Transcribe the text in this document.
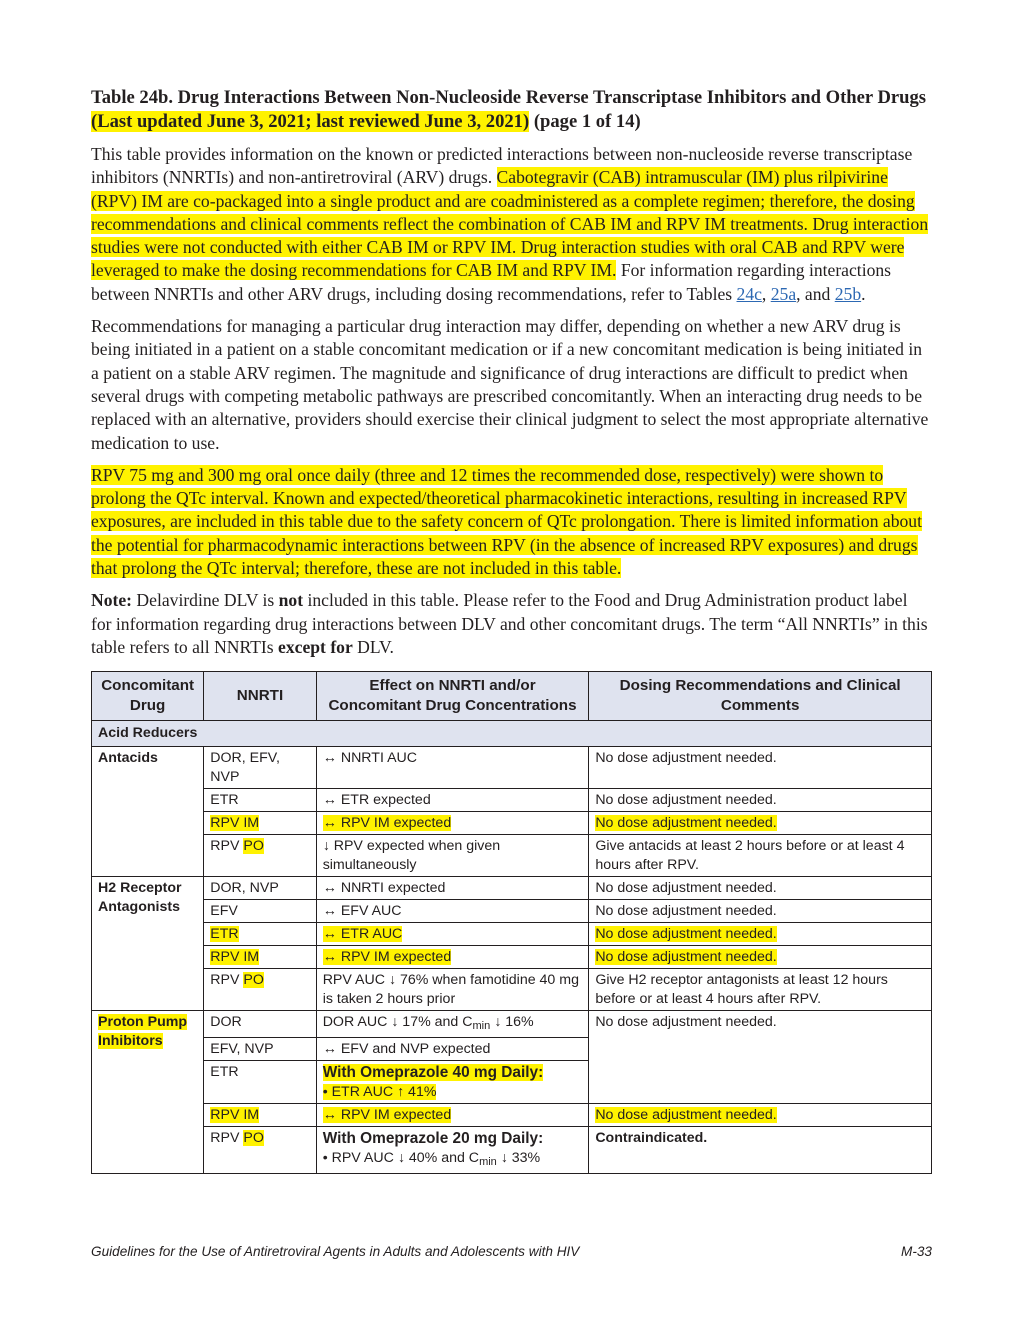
Table 24b. Drug Interactions Between Non-Nucleoside Reverse Transcriptase Inhibitors and Other Drugs (Last updated June 3, 2021; last reviewed June 3, 2021) (page 1 of 14)

This table provides information on the known or predicted interactions between non-nucleoside reverse transcriptase inhibitors (NNRTIs) and non-antiretroviral (ARV) drugs. Cabotegravir (CAB) intramuscular (IM) plus rilpivirine (RPV) IM are co-packaged into a single product and are coadministered as a complete regimen; therefore, the dosing recommendations and clinical comments reflect the combination of CAB IM and RPV IM treatments. Drug interaction studies were not conducted with either CAB IM or RPV IM. Drug interaction studies with oral CAB and RPV were leveraged to make the dosing recommendations for CAB IM and RPV IM. For information regarding interactions between NNRTIs and other ARV drugs, including dosing recommendations, refer to Tables 24c, 25a, and 25b.

Recommendations for managing a particular drug interaction may differ, depending on whether a new ARV drug is being initiated in a patient on a stable concomitant medication or if a new concomitant medication is being initiated in a patient on a stable ARV regimen. The magnitude and significance of drug interactions are difficult to predict when several drugs with competing metabolic pathways are prescribed concomitantly. When an interacting drug needs to be replaced with an alternative, providers should exercise their clinical judgment to select the most appropriate alternative medication to use.

RPV 75 mg and 300 mg oral once daily (three and 12 times the recommended dose, respectively) were shown to prolong the QTc interval. Known and expected/theoretical pharmacokinetic interactions, resulting in increased RPV exposures, are included in this table due to the safety concern of QTc prolongation. There is limited information about the potential for pharmacodynamic interactions between RPV (in the absence of increased RPV exposures) and drugs that prolong the QTc interval; therefore, these are not included in this table.

Note: Delavirdine DLV is not included in this table. Please refer to the Food and Drug Administration product label for information regarding drug interactions between DLV and other concomitant drugs. The term “All NNRTIs” in this table refers to all NNRTIs except for DLV.

Concomitant Drug	NNRTI	Effect on NNRTI and/or Concomitant Drug Concentrations	Dosing Recommendations and Clinical Comments
Acid Reducers			
Antacids	DOR, EFV, NVP	↔ NNRTI AUC	No dose adjustment needed.
	ETR	↔ ETR expected	No dose adjustment needed.
	RPV IM	↔ RPV IM expected	No dose adjustment needed.
	RPV PO	↓ RPV expected when given simultaneously	Give antacids at least 2 hours before or at least 4 hours after RPV.
H2 Receptor Antagonists	DOR, NVP	↔ NNRTI expected	No dose adjustment needed.
	EFV	↔ EFV AUC	No dose adjustment needed.
	ETR	↔ ETR AUC	No dose adjustment needed.
	RPV IM	↔ RPV IM expected	No dose adjustment needed.
	RPV PO	RPV AUC ↓ 76% when famotidine 40 mg is taken 2 hours prior	Give H2 receptor antagonists at least 12 hours before or at least 4 hours after RPV.
Proton Pump Inhibitors	DOR	DOR AUC ↓ 17% and $C_{min}$ ↓ 16%	No dose adjustment needed.
	EFV, NVP	↔ EFV and NVP expected	
	ETR	With Omeprazole 40 mg Daily:
• ETR AUC ↑ 41%	
	RPV IM	↔ RPV IM expected	No dose adjustment needed.
	RPV PO	With Omeprazole 20 mg Daily:
• RPV AUC ↓ 40% and $C_{min}$ ↓ 33%	Contraindicated.
Guidelines for the Use of Antiretroviral Agents in Adults and Adolescents with HIV	M-33
